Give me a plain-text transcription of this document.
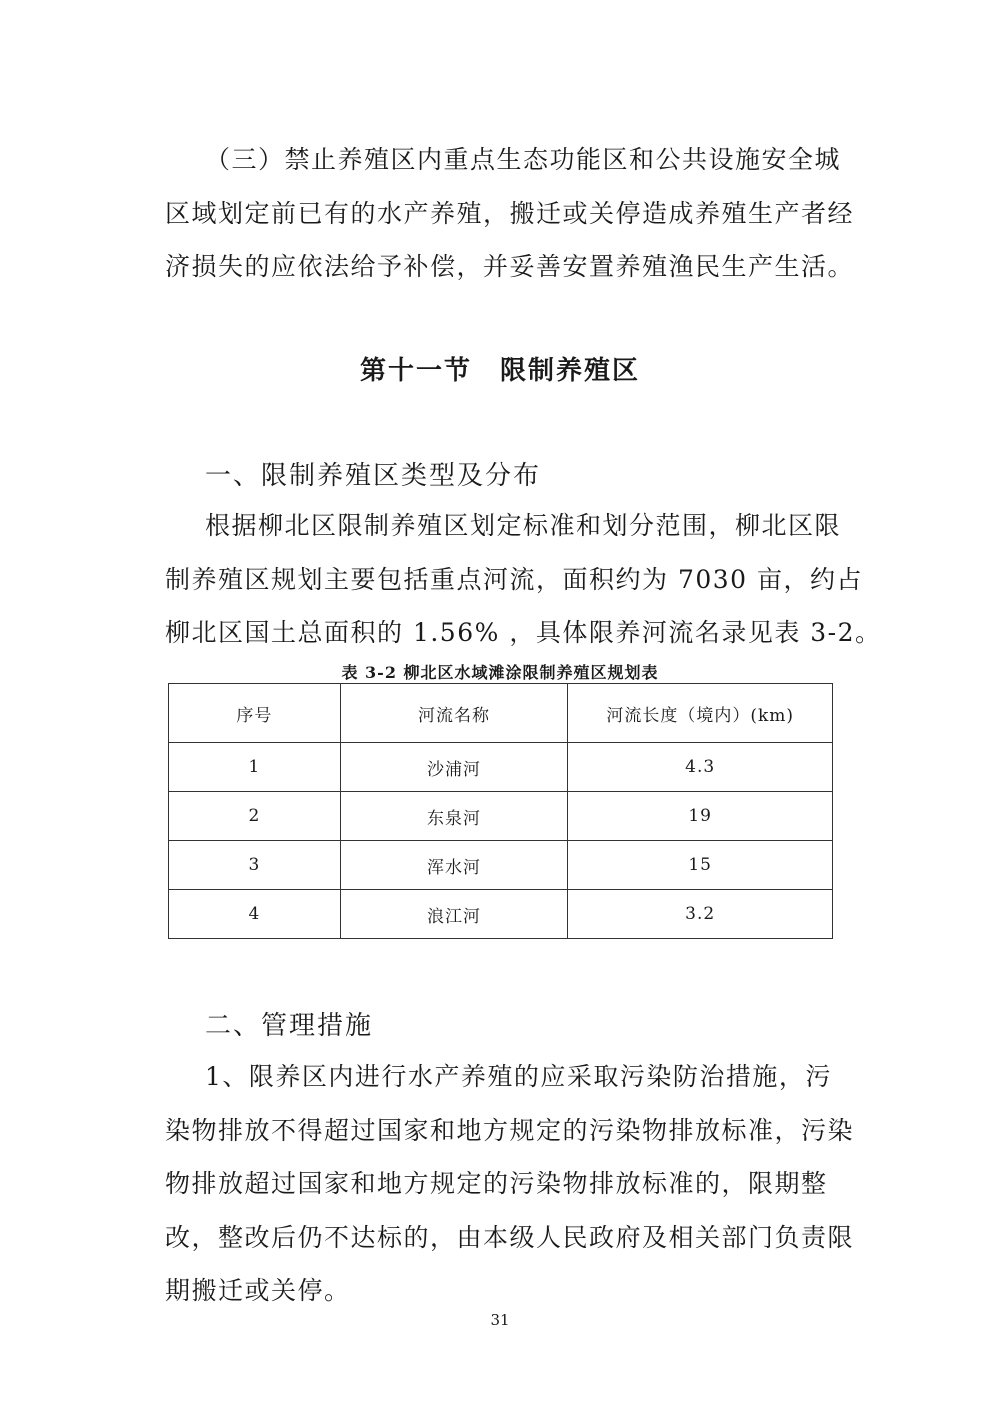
（三）禁止养殖区内重点生态功能区和公共设施安全城
区域划定前已有的水产养殖，搬迁或关停造成养殖生产者经
济损失的应依法给予补偿，并妥善安置养殖渔民生产生活。
第十一节　限制养殖区
一、限制养殖区类型及分布
根据柳北区限制养殖区划定标准和划分范围，柳北区限
制养殖区规划主要包括重点河流，面积约为 7030 亩，约占
柳北区国土总面积的 1.56% ，具体限养河流名录见表 3-2。

表 3-2 柳北区水域滩涂限制养殖区规划表

序号	河流名称	河流长度（境内）(km)
1	沙浦河	4.3
2	东泉河	19
3	浑水河	15
4	浪江河	3.2
二、管理措施
1、限养区内进行水产养殖的应采取污染防治措施，污
染物排放不得超过国家和地方规定的污染物排放标准，污染
物排放超过国家和地方规定的污染物排放标准的，限期整
改，整改后仍不达标的，由本级人民政府及相关部门负责限
期搬迁或关停。
31
